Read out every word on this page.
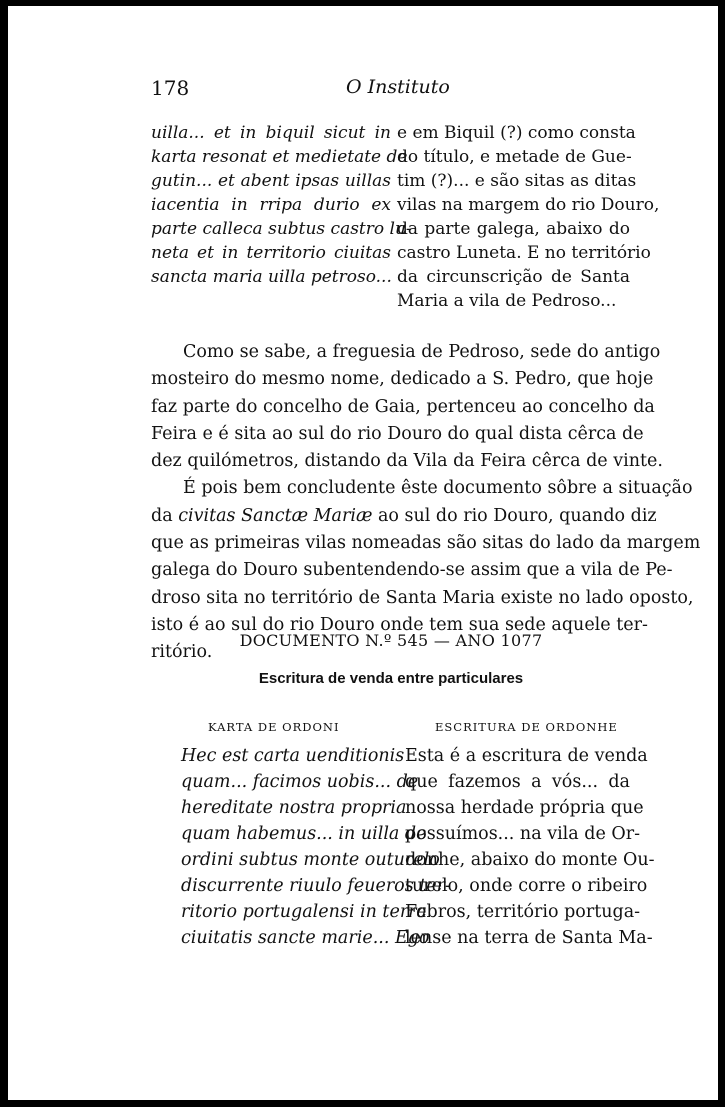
178	O Instituto
uilla... et in biquil sicut in
karta resonat et medietate de
gutin... et abent ipsas uillas
iacentia in rripa durio ex
parte calleca subtus castro lu-
neta et in territorio ciuitas
sancta maria uilla petroso...
e em Biquil (?) como consta
do título, e metade de Gue-
tim (?)... e são sitas as ditas
vilas na margem do rio Douro,
da parte galega, abaixo do
castro Luneta. E no território
da circunscrição de Santa
Maria a vila de Pedroso...
Como se sabe, a freguesia de Pedroso, sede do antigo
mosteiro do mesmo nome, dedicado a S. Pedro, que hoje
faz parte do concelho de Gaia, pertenceu ao concelho da
Feira e é sita ao sul do rio Douro do qual dista cêrca de
dez quilómetros, distando da Vila da Feira cêrca de vinte.
É pois bem concludente êste documento sôbre a situação
da civitas Sanctæ Mariæ ao sul do rio Douro, quando diz
que as primeiras vilas nomeadas são sitas do lado da margem
galega do Douro subentendendo-se assim que a vila de Pe-
droso sita no território de Santa Maria existe no lado oposto,
isto é ao sul do rio Douro onde tem sua sede aquele ter-
ritório.
DOCUMENTO N.º 545 — ANO 1077
Escritura de venda entre particulares
KARTA DE ORDONI	ESCRITURA DE ORDONHE
Hec est carta uenditionis
quam... facimos uobis... de
hereditate nostra propria
quam habemus... in uilla de
ordini subtus monte outurelo
discurrente riuulo feueros ter-
ritorio portugalensi in terra
ciuitatis sancte marie... Ego
Esta é a escritura de venda
que fazemos a vós... da
nossa herdade própria que
possuímos... na vila de Or-
donhe, abaixo do monte Ou-
turelo, onde corre o ribeiro
Febros, território portuga-
lense na terra de Santa Ma-
